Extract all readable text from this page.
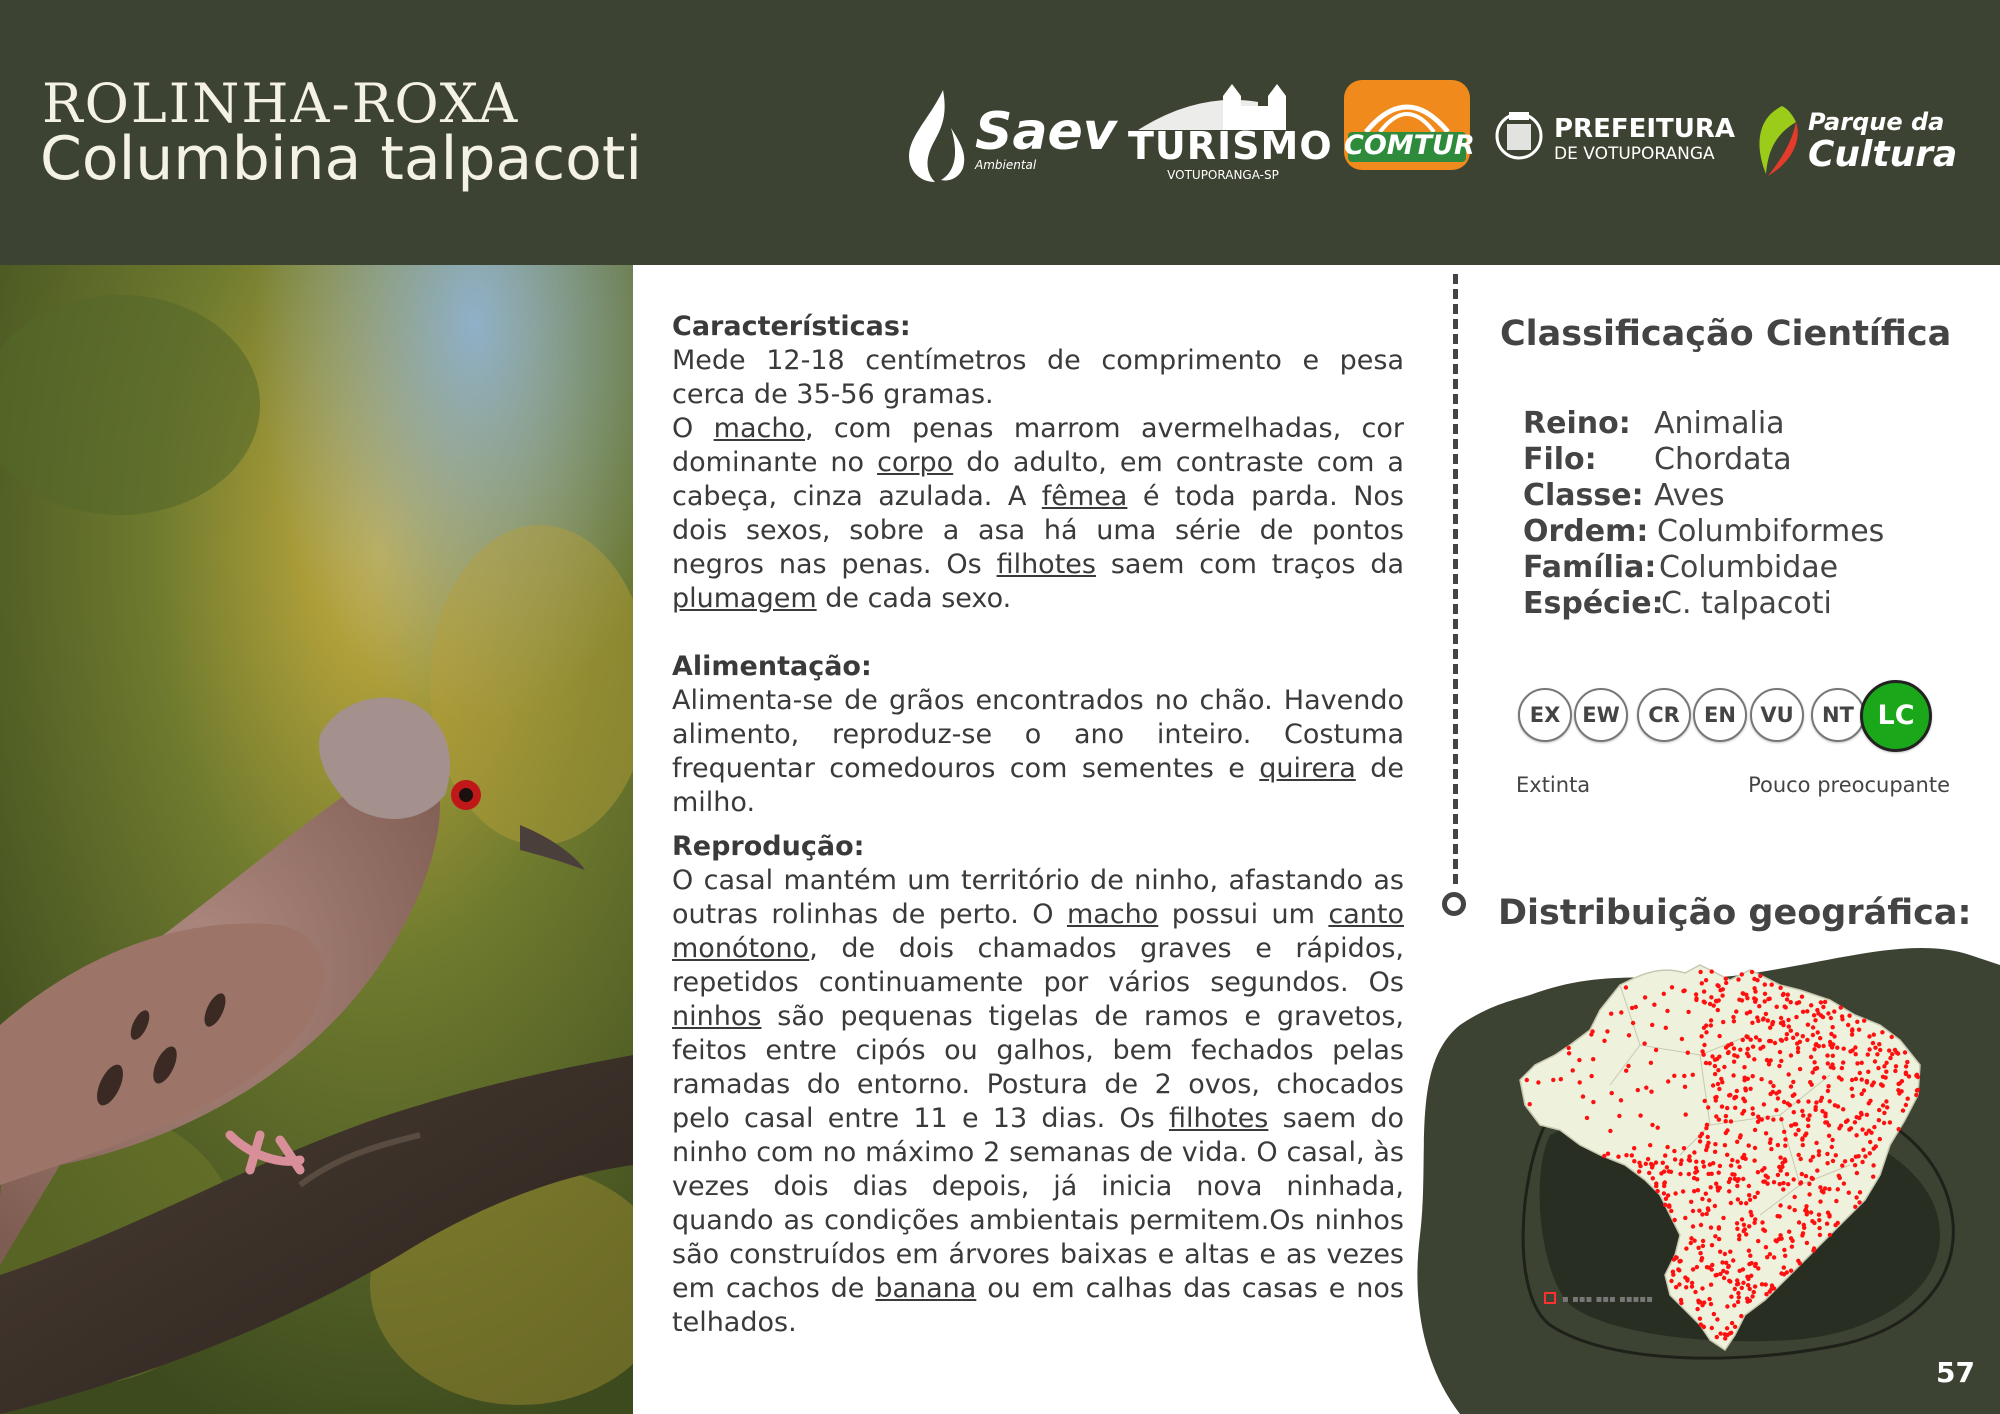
ROLINHA-ROXA
Columbina talpacoti	Saev
Ambiental TURISMO
VOTUPORANGA-SP
COMTUR
PREFEITURA
DE VOTUPORANGA
Parque da
Cultura

Características:
Mede 12-18 centímetros de comprimento e pesa cerca de 35-56 gramas.
O macho, com penas marrom avermelhadas, cor dominante no corpo do adulto, em contraste com a cabeça, cinza azulada. A fêmea é toda parda. Nos dois sexos, sobre a asa há uma série de pontos negros nas penas. Os filhotes saem com traços da plumagem de cada sexo.

Alimentação:
Alimenta-se de grãos encontrados no chão. Havendo alimento, reproduz-se o ano inteiro. Costuma frequentar comedouros com sementes e quirera de milho.

Reprodução:
O casal mantém um território de ninho, afastando as outras rolinhas de perto. O macho possui um canto monótono, de dois chamados graves e rápidos, repetidos continuamente por vários segundos. Os ninhos são pequenas tigelas de ramos e gravetos, feitos entre cipós ou galhos, bem fechados pelas ramadas do entorno. Postura de 2 ovos, chocados pelo casal entre 11 e 13 dias. Os filhotes saem do ninho com no máximo 2 semanas de vida. O casal, às vezes dois dias depois, já inicia nova ninhada, quando as condições ambientais permitem.Os ninhos são construídos em árvores baixas e altas e as vezes em cachos de banana ou em calhas das casas e nos telhados.

Classificação Científica
Reino: Animalia
Filo: Chordata
Classe: Aves
Ordem: Columbiformes
Família: Columbidae
Espécie:
C. talpacoti
EX	EW	CR	EN	VU	NT LC
Extinta	Pouco preocupante
▪ ▪▪▪ ▪▪▪ ▪▪▪▪▪
Distribuição geográfica:
57
